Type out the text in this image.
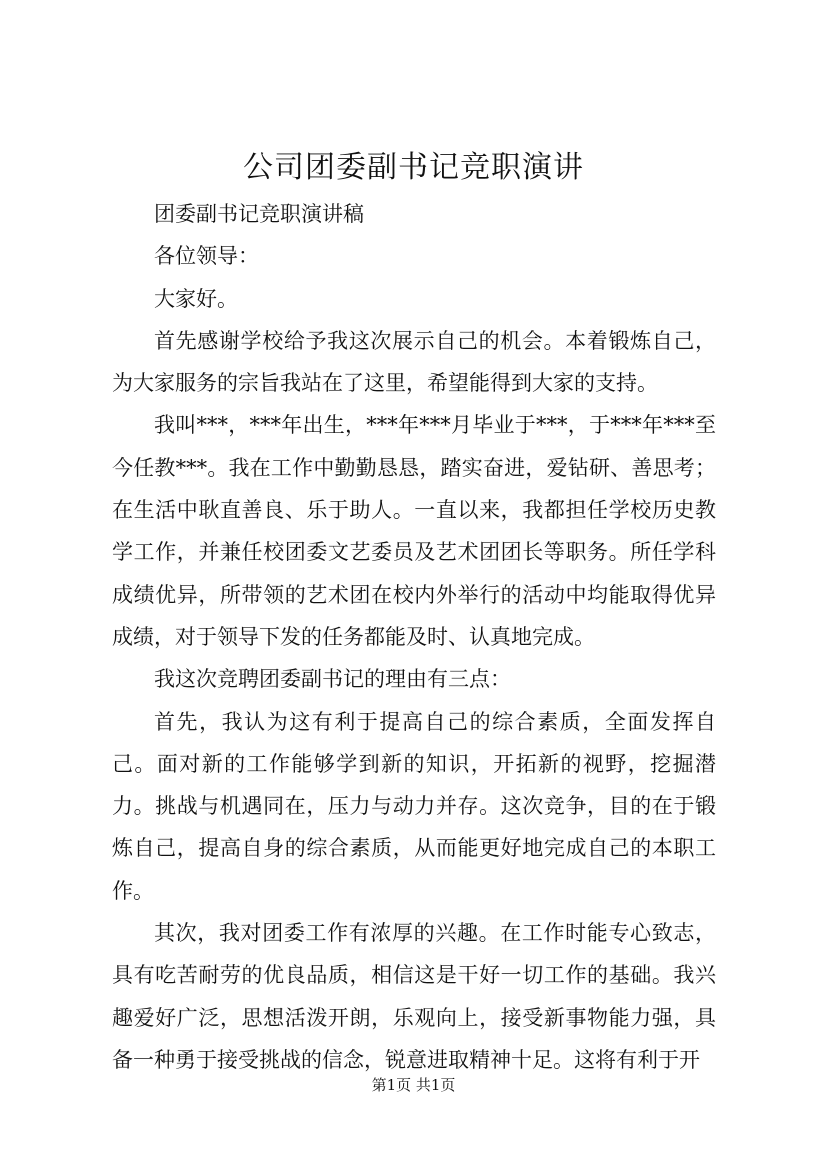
公司团委副书记竞职演讲

团委副书记竞职演讲稿

各位领导：

大家好。

首先感谢学校给予我这次展示自己的机会。本着锻炼自己，为大家服务的宗旨我站在了这里，希望能得到大家的支持。

我叫***，***年出生，***年***月毕业于***，于***年***至今任教***。我在工作中勤勤恳恳，踏实奋进，爱钻研、善思考；在生活中耿直善良、乐于助人。一直以来，我都担任学校历史教学工作，并兼任校团委文艺委员及艺术团团长等职务。所任学科成绩优异，所带领的艺术团在校内外举行的活动中均能取得优异成绩，对于领导下发的任务都能及时、认真地完成。

我这次竞聘团委副书记的理由有三点：

首先，我认为这有利于提高自己的综合素质，全面发挥自己。面对新的工作能够学到新的知识，开拓新的视野，挖掘潜力。挑战与机遇同在，压力与动力并存。这次竞争，目的在于锻炼自己，提高自身的综合素质，从而能更好地完成自己的本职工作。

其次，我对团委工作有浓厚的兴趣。在工作时能专心致志，具有吃苦耐劳的优良品质，相信这是干好一切工作的基础。我兴趣爱好广泛，思想活泼开朗，乐观向上，接受新事物能力强，具备一种勇于接受挑战的信念，锐意进取精神十足。这将有利于开

第1页 共1页
